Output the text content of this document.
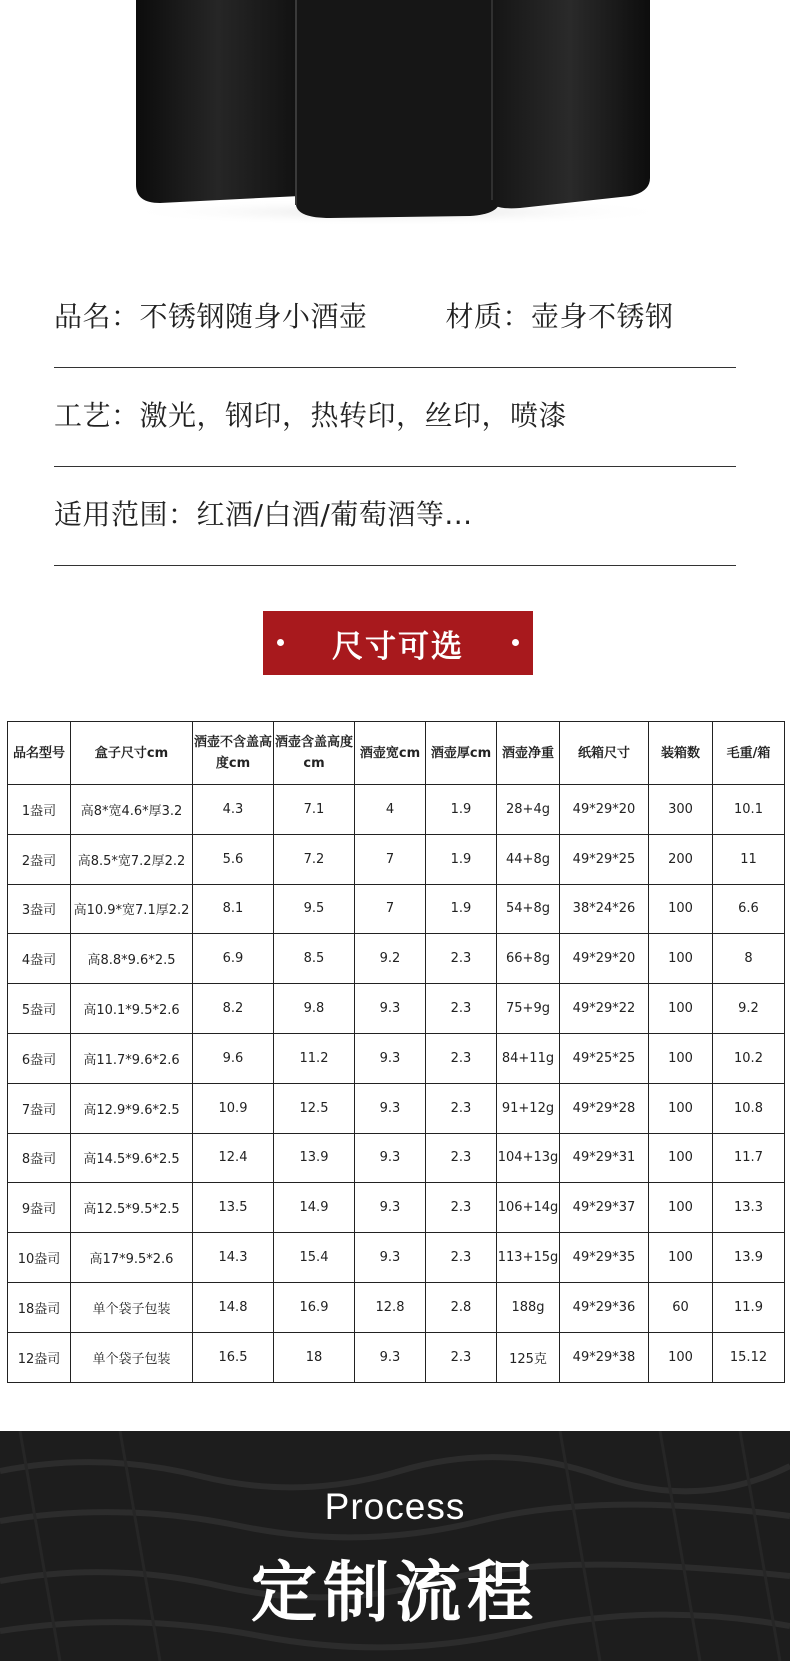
品名：不锈钢随身小酒壶	材质：壶身不锈钢
工艺：激光，钢印，热转印，丝印，喷漆
适用范围：红酒/白酒/葡萄酒等...
尺寸可选
品名型号	盒子尺寸cm	酒壶不含盖高度cm	酒壶含盖高度cm	酒壶宽cm	酒壶厚cm	酒壶净重	纸箱尺寸	装箱数	毛重/箱
1盎司	高8*宽4.6*厚3.2	4.3	7.1	4	1.9	28+4g	49*29*20	300	10.1
2盎司	高8.5*宽7.2厚2.2	5.6	7.2	7	1.9	44+8g	49*29*25	200	11
3盎司	高10.9*宽7.1厚2.2	8.1	9.5	7	1.9	54+8g	38*24*26	100	6.6
4盎司	高8.8*9.6*2.5	6.9	8.5	9.2	2.3	66+8g	49*29*20	100	8
5盎司	高10.1*9.5*2.6	8.2	9.8	9.3	2.3	75+9g	49*29*22	100	9.2
6盎司	高11.7*9.6*2.6	9.6	11.2	9.3	2.3	84+11g	49*25*25	100	10.2
7盎司	高12.9*9.6*2.5	10.9	12.5	9.3	2.3	91+12g	49*29*28	100	10.8
8盎司	高14.5*9.6*2.5	12.4	13.9	9.3	2.3	104+13g	49*29*31	100	11.7
9盎司	高12.5*9.5*2.5	13.5	14.9	9.3	2.3	106+14g	49*29*37	100	13.3
10盎司	高17*9.5*2.6	14.3	15.4	9.3	2.3	113+15g	49*29*35	100	13.9
18盎司	单个袋子包装	14.8	16.9	12.8	2.8	188g	49*29*36	60	11.9
12盎司	单个袋子包装	16.5	18	9.3	2.3	125克	49*29*38	100	15.12
Process
定制流程
